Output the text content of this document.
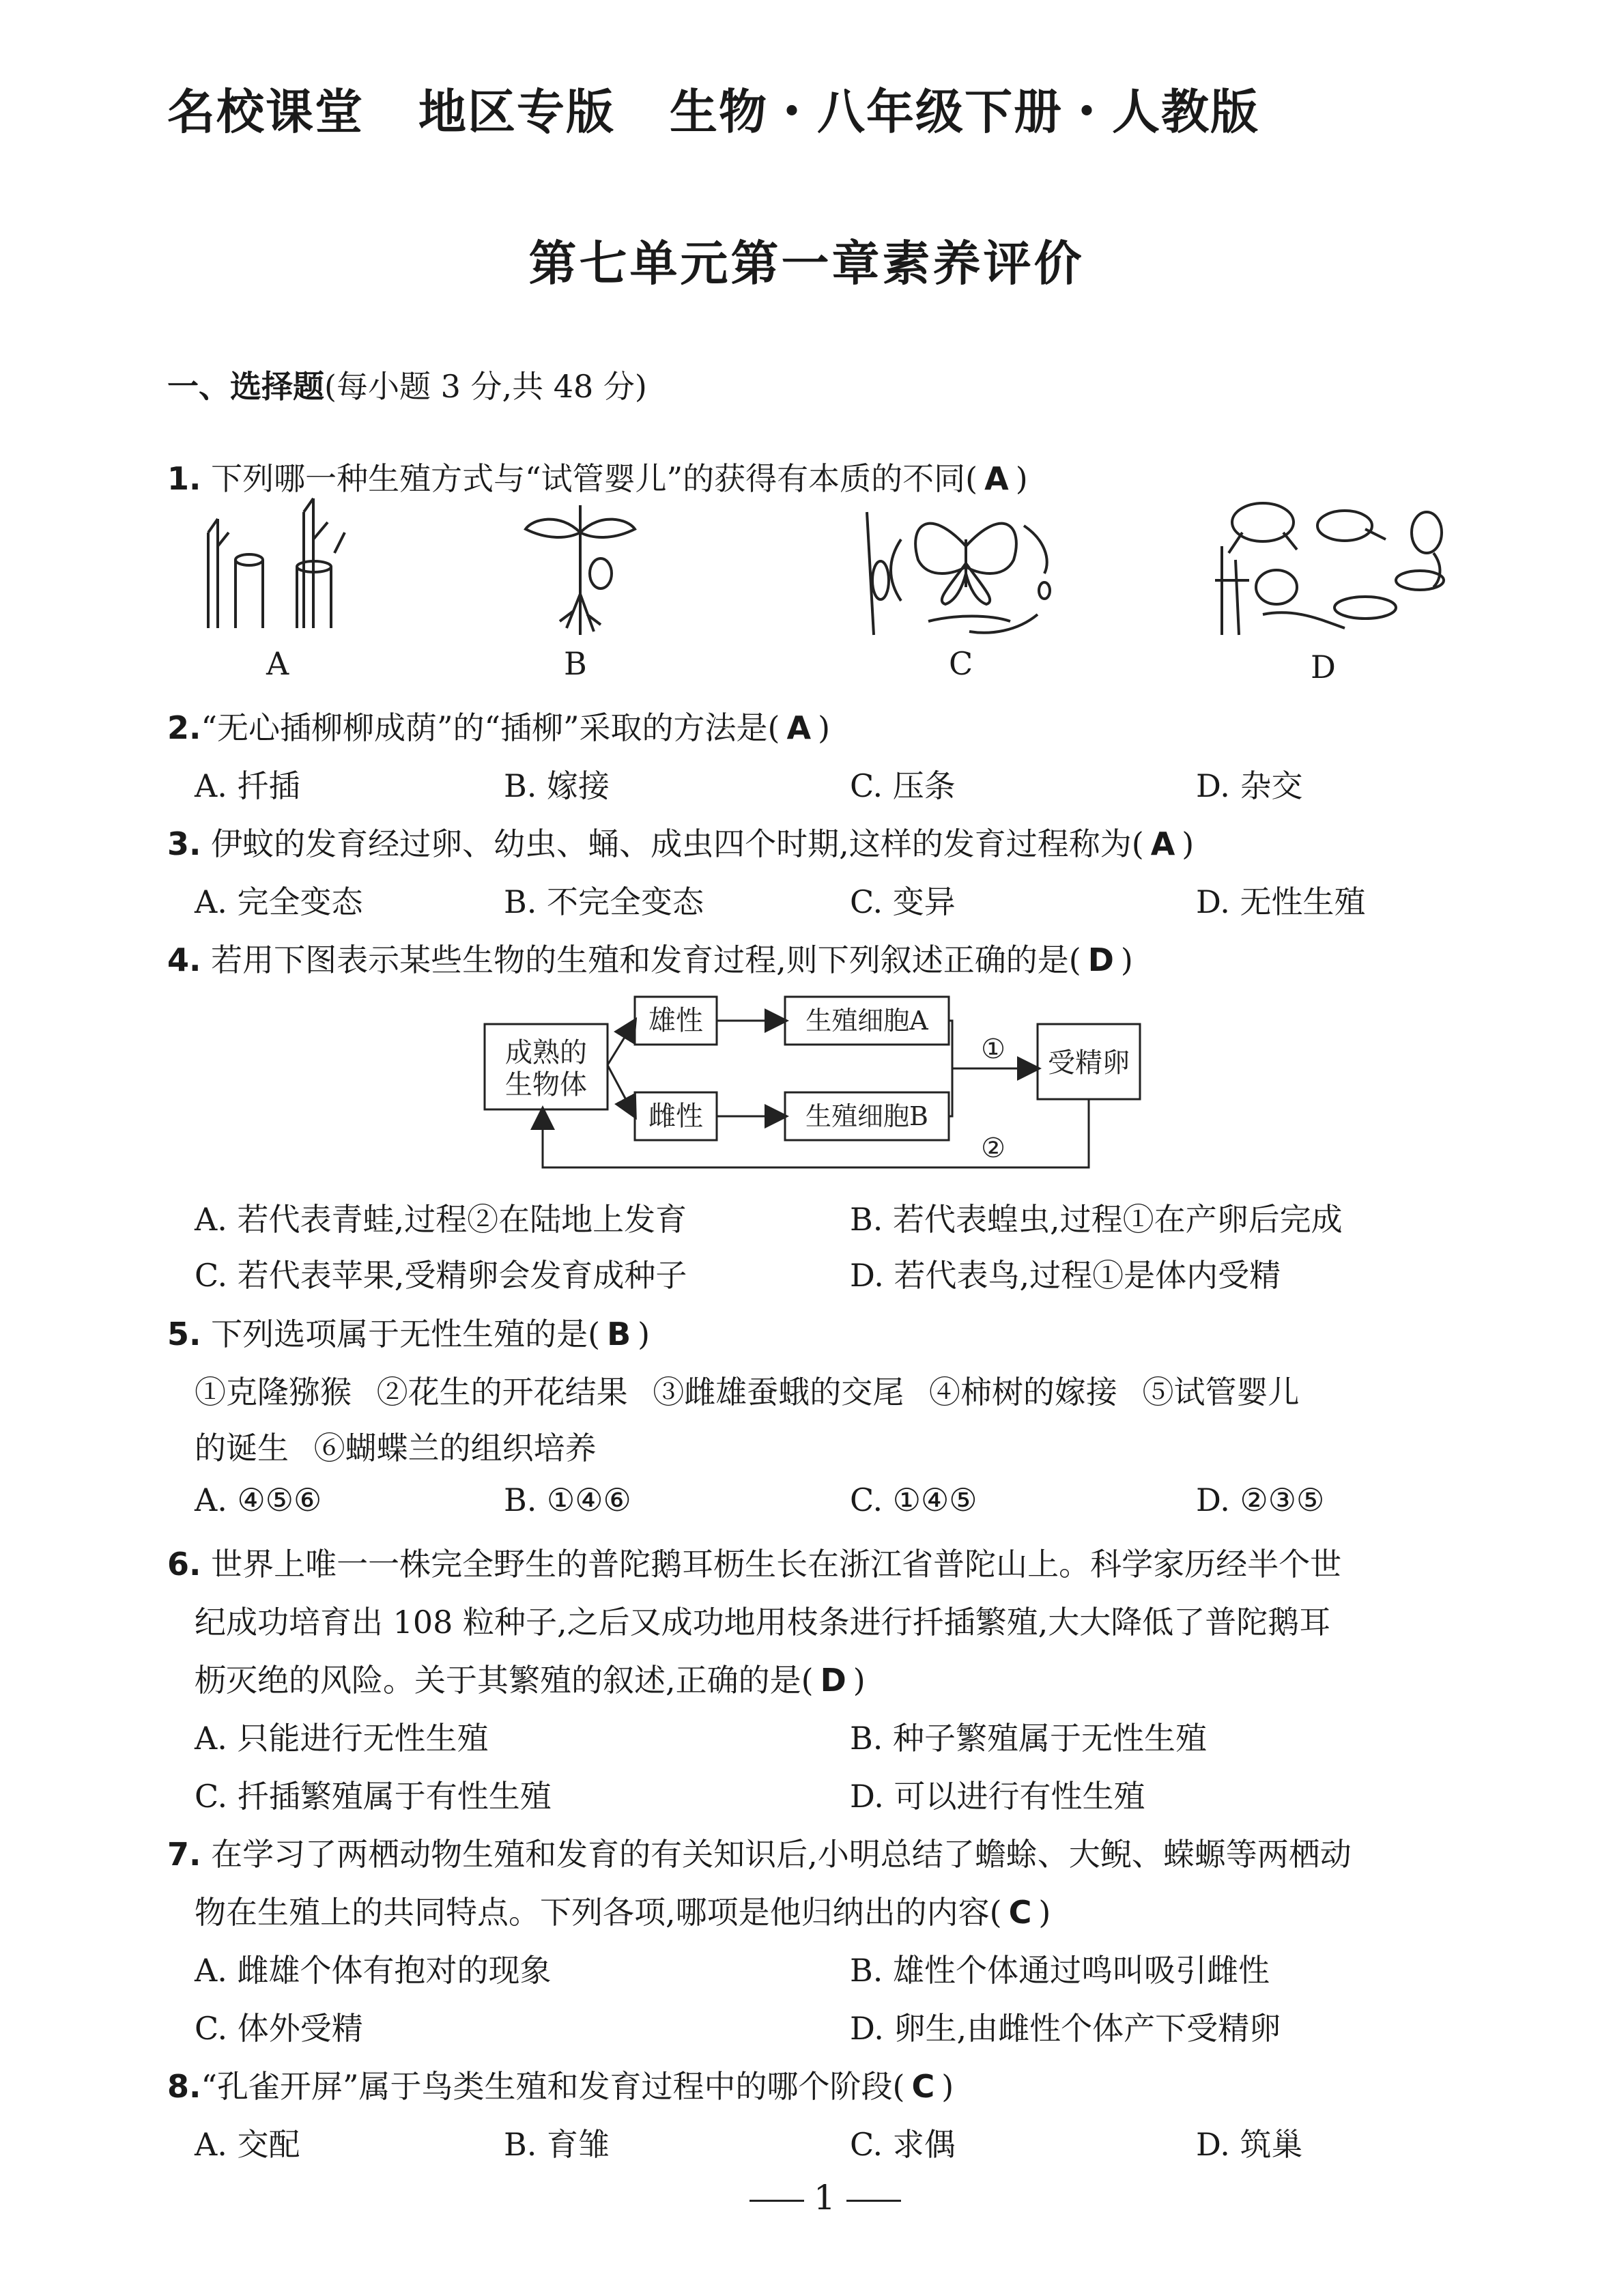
名校课堂 地区专版 生物・八年级下册・人教版
第七单元第一章素养评价
一、选择题(每小题 3 分,共 48 分)
1. 下列哪一种生殖方式与“试管婴儿”的获得有本质的不同( A )
A	B	C	D
2.“无心插柳柳成荫”的“插柳”采取的方法是( A )
A. 扦插	B. 嫁接	C. 压条	D. 杂交
3. 伊蚊的发育经过卵、幼虫、蛹、成虫四个时期,这样的发育过程称为( A )
A. 完全变态	B. 不完全变态	C. 变异	D. 无性生殖
4. 若用下图表示某些生物的生殖和发育过程,则下列叙述正确的是( D )
成熟的
生物体
雄性
雌性
生殖细胞A
生殖细胞B
受精卵
①
②
A. 若代表青蛙,过程②在陆地上发育	B. 若代表蝗虫,过程①在产卵后完成
C. 若代表苹果,受精卵会发育成种子	D. 若代表鸟,过程①是体内受精
5. 下列选项属于无性生殖的是( B )
①克隆猕猴 ②花生的开花结果 ③雌雄蚕蛾的交尾 ④柿树的嫁接 ⑤试管婴儿
的诞生 ⑥蝴蝶兰的组织培养
A. ④⑤⑥	B. ①④⑥	C. ①④⑤	D. ②③⑤
6. 世界上唯一一株完全野生的普陀鹅耳枥生长在浙江省普陀山上。科学家历经半个世
纪成功培育出 108 粒种子,之后又成功地用枝条进行扦插繁殖,大大降低了普陀鹅耳
枥灭绝的风险。关于其繁殖的叙述,正确的是( D )
A. 只能进行无性生殖	B. 种子繁殖属于无性生殖
C. 扦插繁殖属于有性生殖	D. 可以进行有性生殖
7. 在学习了两栖动物生殖和发育的有关知识后,小明总结了蟾蜍、大鲵、蝾螈等两栖动
物在生殖上的共同特点。下列各项,哪项是他归纳出的内容( C )
A. 雌雄个体有抱对的现象	B. 雄性个体通过鸣叫吸引雌性
C. 体外受精	D. 卵生,由雌性个体产下受精卵
8.“孔雀开屏”属于鸟类生殖和发育过程中的哪个阶段( C )
A. 交配	B. 育雏	C. 求偶	D. 筑巢
1
